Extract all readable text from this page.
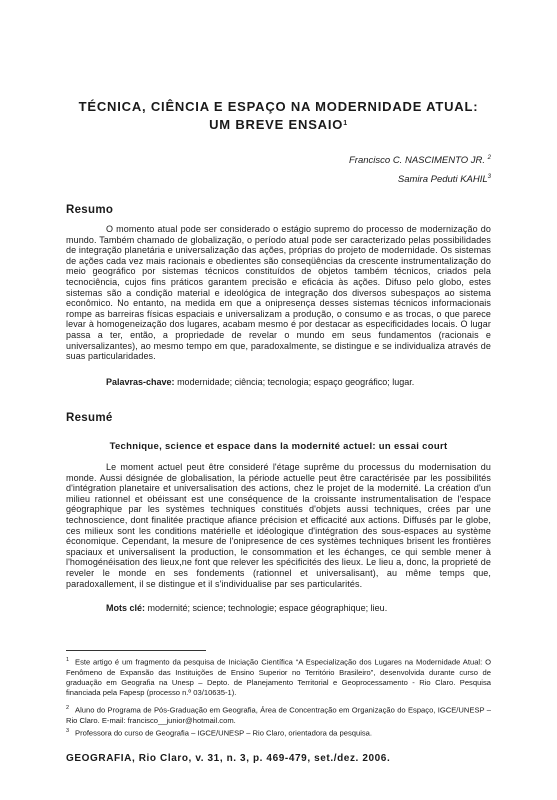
TÉCNICA, CIÊNCIA E ESPAÇO NA MODERNIDADE ATUAL:
UM BREVE ENSAIO$^1$
Francisco C. NASCIMENTO JR. $^2$
Samira Peduti KAHIL$^3$
Resumo
O momento atual pode ser considerado o estágio supremo do processo de modernização do mundo. Também chamado de globalização, o período atual pode ser caracterizado pelas possibilidades de integração planetária e universalização das ações, próprias do projeto de modernidade. Os sistemas de ações cada vez mais racionais e obedientes são conseqüências da crescente instrumentalização do meio geográfico por sistemas técnicos constituídos de objetos também técnicos, criados pela tecnociência, cujos fins práticos garantem precisão e eficácia às ações. Difuso pelo globo, estes sistemas são a condição material e ideológica de integração dos diversos subespaços ao sistema econômico. No entanto, na medida em que a onipresença desses sistemas técnicos informacionais rompe as barreiras físicas espaciais e universalizam a produção, o consumo e as trocas, o que parece levar à homogeneização dos lugares, acabam mesmo é por destacar as especificidades locais. O lugar passa a ter, então, a propriedade de revelar o mundo em seus fundamentos (racionais e universalizantes), ao mesmo tempo em que, paradoxalmente, se distingue e se individualiza através de suas particularidades.
Palavras-chave: modernidade; ciência; tecnologia; espaço geográfico; lugar.
Resumé
Technique, science et espace dans la modernité actuel: un essai court
Le moment actuel peut être consideré l'étage suprême du processus du modernisation du monde. Aussi désignée de globalisation, la période actuelle peut être caractérisée par les possibilités d'intégration planetaire et universalisation des actions, chez le projet de la modernité. La création d'un milieu rationnel et obéissant est une conséquence de la croissante instrumentalisation de l'espace géographique par les systèmes techniques constitués d'objets aussi techniques, crées par une technoscience, dont finalitée practique afiance précision et efficacité aux actions. Diffusés par le globe, ces milieux sont les conditions matérielle et idéologique d'intégration des sous-espaces au système économique. Cependant, la mesure de l'onipresence de ces systèmes techniques brisent les frontières spaciaux et universalisent la production, le consommation et les échanges, ce qui semble mener à l'homogénéisation des lieux,ne font que relever les spécificités des lieux. Le lieu a, donc, la proprieté de reveler le monde en ses fondements (rationnel et universalisant), au même temps que, paradoxallement, il se distingue et il s'individualise par ses particularités.
Mots clé: modernité; science; technologie; espace géographique; lieu.
$^1$ Este artigo é um fragmento da pesquisa de Iniciação Científica “A Especialização dos Lugares na Modernidade Atual: O Fenômeno de Expansão das Instituições de Ensino Superior no Território Brasileiro”, desenvolvida durante curso de graduação em Geografia na Unesp – Depto. de Planejamento Territorial e Geoprocessamento - Rio Claro. Pesquisa financiada pela Fapesp (processo n.º 03/10635-1).
$^2$ Aluno do Programa de Pós-Graduação em Geografia, Área de Concentração em Organização do Espaço, IGCE/UNESP – Rio Claro. E-mail: francisco__junior@hotmail.com.
$^3$ Professora do curso de Geografia – IGCE/UNESP – Rio Claro, orientadora da pesquisa.
GEOGRAFIA, Rio Claro, v. 31, n. 3, p. 469-479, set./dez. 2006.
